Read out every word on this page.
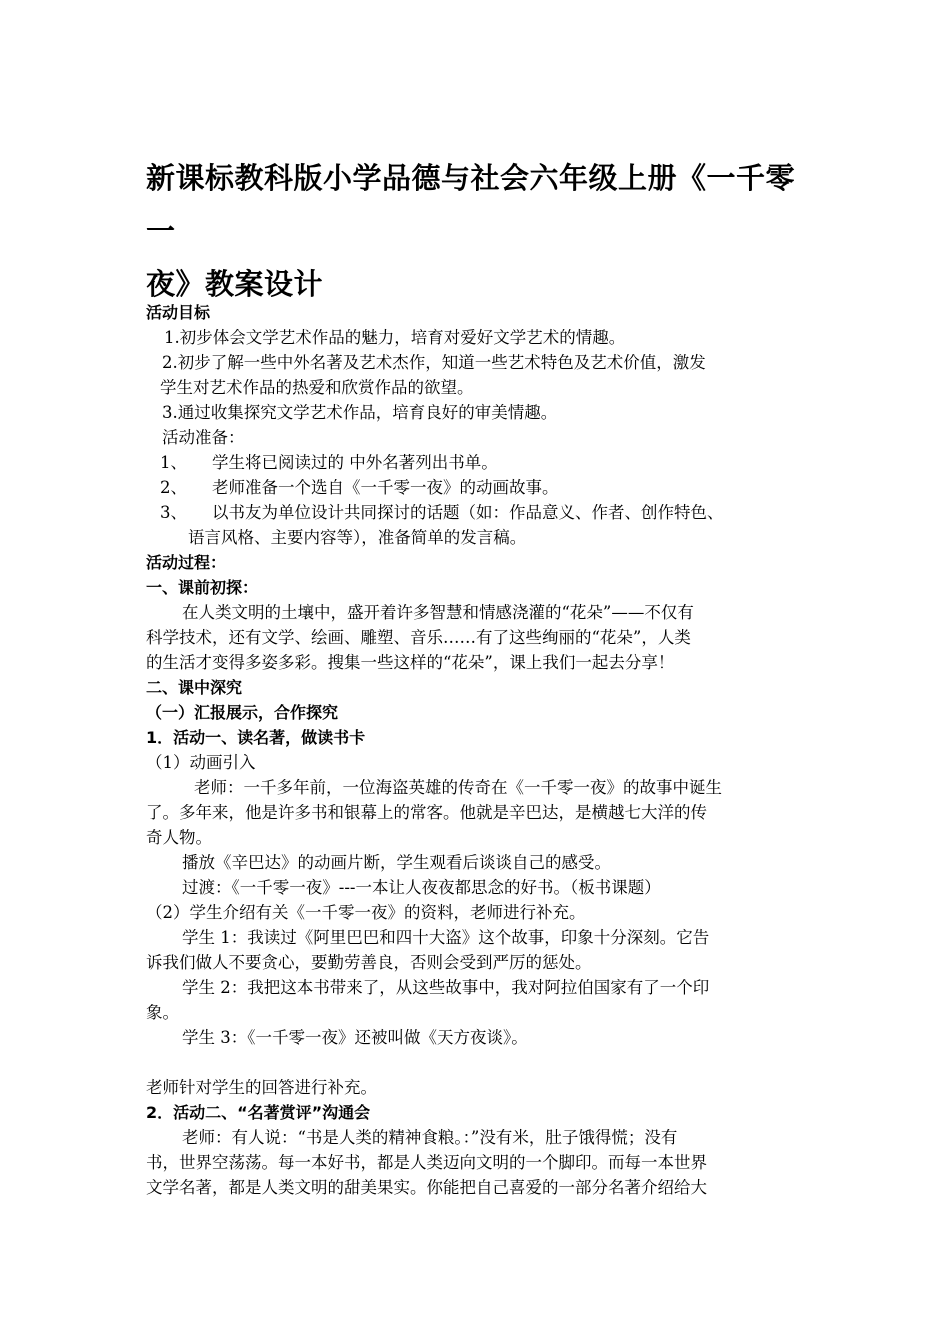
新课标教科版小学品德与社会六年级上册《一千零一
夜》教案设计
活动目标
1.初步体会文学艺术作品的魅力，培育对爱好文学艺术的情趣。
2.初步了解一些中外名著及艺术杰作，知道一些艺术特色及艺术价值，激发
学生对艺术作品的热爱和欣赏作品的欲望。
3.通过收集探究文学艺术作品，培育良好的审美情趣。
活动准备：
1、 学生将已阅读过的 中外名著列出书单。
2、 老师准备一个选自《一千零一夜》的动画故事。
3、 以书友为单位设计共同探讨的话题（如：作品意义、作者、创作特色、
语言风格、主要内容等），准备简单的发言稿。
活动过程：
一、课前初探：
在人类文明的土壤中，盛开着许多智慧和情感浇灌的“花朵”——不仅有
科学技术，还有文学、绘画、雕塑、音乐……有了这些绚丽的“花朵”，人类
的生活才变得多姿多彩。搜集一些这样的“花朵”，课上我们一起去分享！
二、课中深究
（一）汇报展示，合作探究
1．活动一、读名著，做读书卡
（1）动画引入
老师：一千多年前，一位海盗英雄的传奇在《一千零一夜》的故事中诞生
了。多年来，他是许多书和银幕上的常客。他就是辛巴达，是横越七大洋的传
奇人物。
播放《辛巴达》的动画片断，学生观看后谈谈自己的感受。
过渡：《一千零一夜》---一本让人夜夜都思念的好书。（板书课题）
（2）学生介绍有关《一千零一夜》的资料，老师进行补充。
学生 1：我读过《阿里巴巴和四十大盗》这个故事，印象十分深刻。它告
诉我们做人不要贪心，要勤劳善良，否则会受到严厉的惩处。
学生 2：我把这本书带来了，从这些故事中，我对阿拉伯国家有了一个印
象。
学生 3：《一千零一夜》还被叫做《天方夜谈》。
老师针对学生的回答进行补充。
2．活动二、“名著赏评”沟通会
老师：有人说：“书是人类的精神食粮。：”没有米，肚子饿得慌；没有
书，世界空荡荡。每一本好书，都是人类迈向文明的一个脚印。而每一本世界
文学名著，都是人类文明的甜美果实。你能把自己喜爱的一部分名著介绍给大
